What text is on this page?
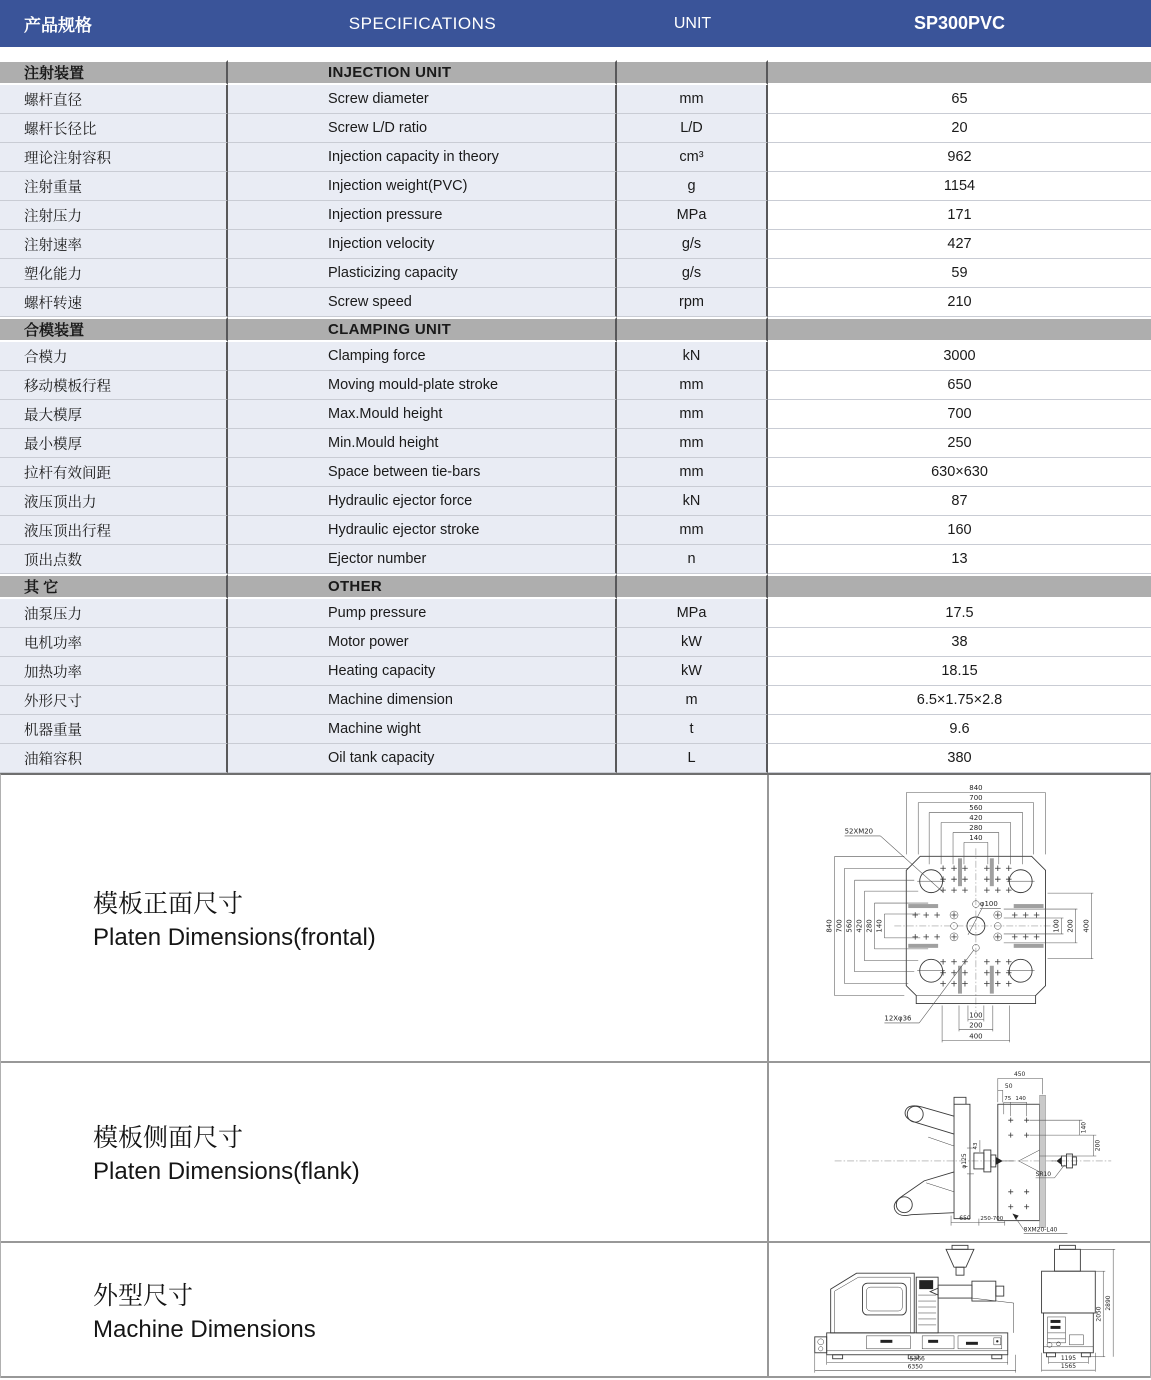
产品规格	SPECIFICATIONS	UNIT	SP300PVC
注射装置	INJECTION UNIT
螺杆直径	Screw diameter	mm	65
螺杆长径比	Screw L/D ratio	L/D	20
理论注射容积	Injection capacity in theory	cm³	962
注射重量	Injection weight(PVC)	g	1154
注射压力	Injection pressure	MPa	171
注射速率	Injection velocity	g/s	427
塑化能力	Plasticizing capacity	g/s	59
螺杆转速	Screw speed	rpm	210
合模装置	CLAMPING UNIT
合模力	Clamping force	kN	3000
移动模板行程	Moving mould-plate stroke	mm	650
最大模厚	Max.Mould height	mm	700
最小模厚	Min.Mould height	mm	250
拉杆有效间距	Space between tie-bars	mm	630×630
液压顶出力	Hydraulic ejector force	kN	87
液压顶出行程	Hydraulic ejector stroke	mm	160
顶出点数	Ejector number	n	13
其 它	OTHER
油泵压力	Pump pressure	MPa	17.5
电机功率	Motor power	kW	38
加热功率	Heating capacity	kW	18.15
外形尺寸	Machine dimension	m	6.5×1.75×2.8
机器重量	Machine wight	t	9.6
油箱容积	Oil tank capacity	L	380
模板正面尺寸
Platen Dimensions(frontal)
840
700
560
420
280
140
840 700 560 420 280 140	100 200 400
100
200
400
52XM20
φ100
12Xφ36
模板侧面尺寸
Platen Dimensions(flank)	φ125
43
SR10
450
50
75 140
140
200
650 250-700
8XM20-L40
外型尺寸
Machine Dimensions
5366
6350
2050
2890
1195
1565
